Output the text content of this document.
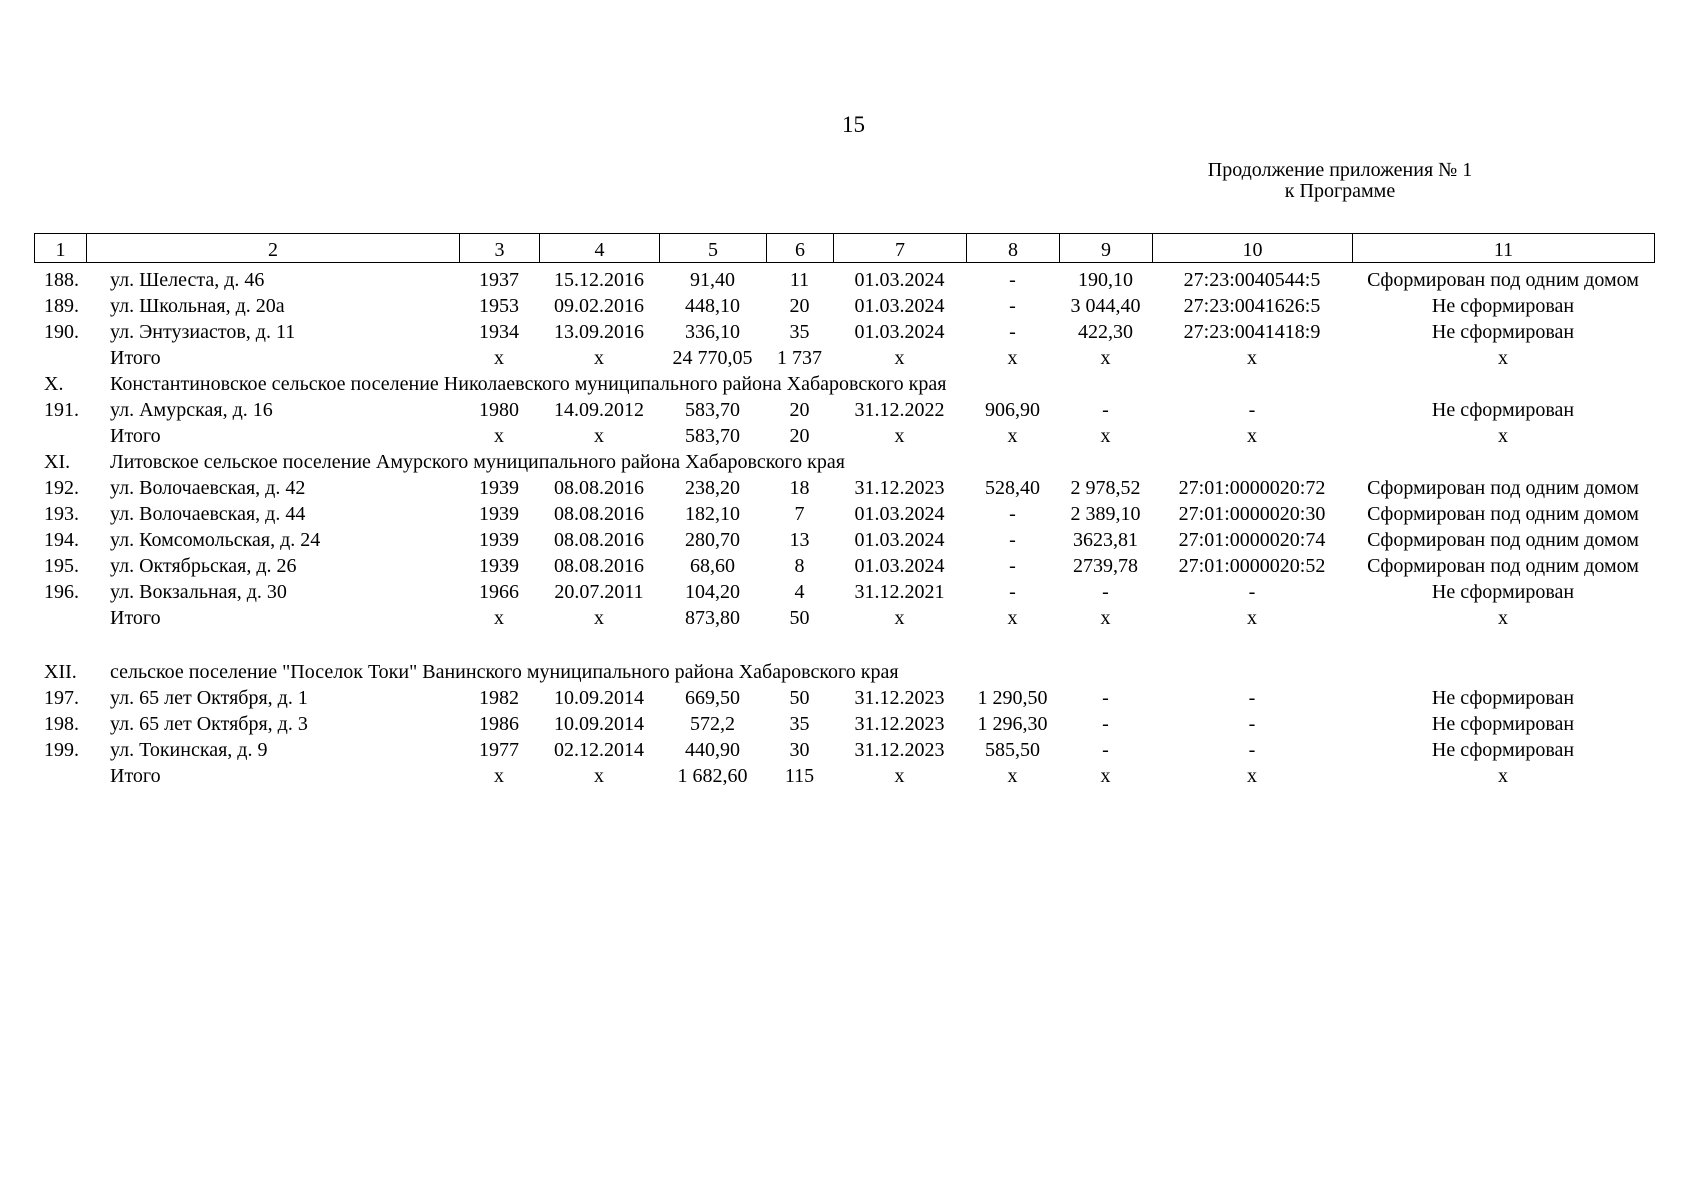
15
Продолжение приложения № 1
к Программе
1	2	3	4	5	6	7	8	9	10	11
188.	ул. Шелеста, д. 46	1937	15.12.2016	91,40	11	01.03.2024	-	190,10	27:23:0040544:5	Сформирован под одним домом
189.	ул. Школьная, д. 20а	1953	09.02.2016	448,10	20	01.03.2024	-	3 044,40	27:23:0041626:5	Не сформирован
190.	ул. Энтузиастов, д. 11	1934	13.09.2016	336,10	35	01.03.2024	-	422,30	27:23:0041418:9	Не сформирован
	Итого	x	x	24 770,05	1 737	x	x	x	x	x
X.	Константиновское сельское поселение Николаевского муниципального района Хабаровского края									
191.	ул. Амурская, д. 16	1980	14.09.2012	583,70	20	31.12.2022	906,90	-	-	Не сформирован
	Итого	x	x	583,70	20	x	x	x	x	x
XI.	Литовское сельское поселение Амурского муниципального района Хабаровского края									
192.	ул. Волочаевская, д. 42	1939	08.08.2016	238,20	18	31.12.2023	528,40	2 978,52	27:01:0000020:72	Сформирован под одним домом
193.	ул. Волочаевская, д. 44	1939	08.08.2016	182,10	7	01.03.2024	-	2 389,10	27:01:0000020:30	Сформирован под одним домом
194.	ул. Комсомольская, д. 24	1939	08.08.2016	280,70	13	01.03.2024	-	3623,81	27:01:0000020:74	Сформирован под одним домом
195.	ул. Октябрьская, д. 26	1939	08.08.2016	68,60	8	01.03.2024	-	2739,78	27:01:0000020:52	Сформирован под одним домом
196.	ул. Вокзальная, д. 30	1966	20.07.2011	104,20	4	31.12.2021	-	-	-	Не сформирован
	Итого	x	x	873,80	50	x	x	x	x	x

XII.	сельское поселение "Поселок Токи" Ванинского муниципального района Хабаровского края									
197.	ул. 65 лет Октября, д. 1	1982	10.09.2014	669,50	50	31.12.2023	1 290,50	-	-	Не сформирован
198.	ул. 65 лет Октября, д. 3	1986	10.09.2014	572,2	35	31.12.2023	1 296,30	-	-	Не сформирован
199.	ул. Токинская, д. 9	1977	02.12.2014	440,90	30	31.12.2023	585,50	-	-	Не сформирован
	Итого	x	x	1 682,60	115	x	x	x	x	x
